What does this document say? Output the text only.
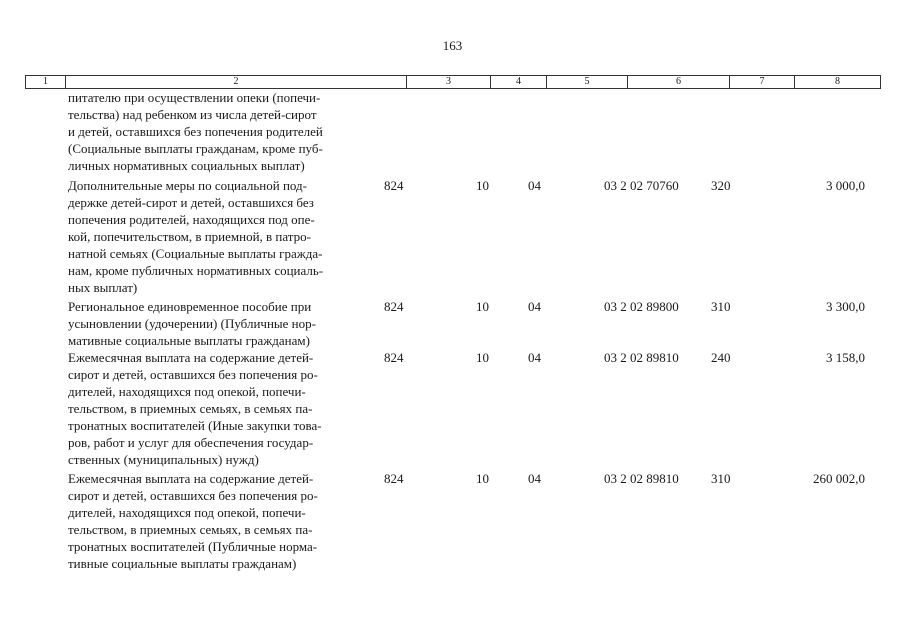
163
1	2	3	4	5	6	7	8
питателю при осуществлении опеки (попечи-
тельства) над ребенком из числа детей-сирот
и детей, оставшихся без попечения родителей
(Социальные выплаты гражданам, кроме пуб-
личных нормативных социальных выплат)
Дополнительные меры по социальной под-
держке детей-сирот и детей, оставшихся без
попечения родителей, находящихся под опе-
кой, попечительством, в приемной, в патро-
натной семьях (Социальные выплаты гражда-
нам, кроме публичных нормативных социаль-
ных выплат)
824	10	04	03 2 02 70760 320	3 000,0
Региональное единовременное пособие при
усыновлении (удочерении) (Публичные нор-
мативные социальные выплаты гражданам)
824	10	04	03 2 02 89800 310	3 300,0
Ежемесячная выплата на содержание детей-
сирот и детей, оставшихся без попечения ро-
дителей, находящихся под опекой, попечи-
тельством, в приемных семьях, в семьях па-
тронатных воспитателей (Иные закупки това-
ров, работ и услуг для обеспечения государ-
ственных (муниципальных) нужд)
824	10	04	03 2 02 89810 240	3 158,0
Ежемесячная выплата на содержание детей-
сирот и детей, оставшихся без попечения ро-
дителей, находящихся под опекой, попечи-
тельством, в приемных семьях, в семьях па-
тронатных воспитателей (Публичные норма-
тивные социальные выплаты гражданам)
824	10	04	03 2 02 89810 310	260 002,0
